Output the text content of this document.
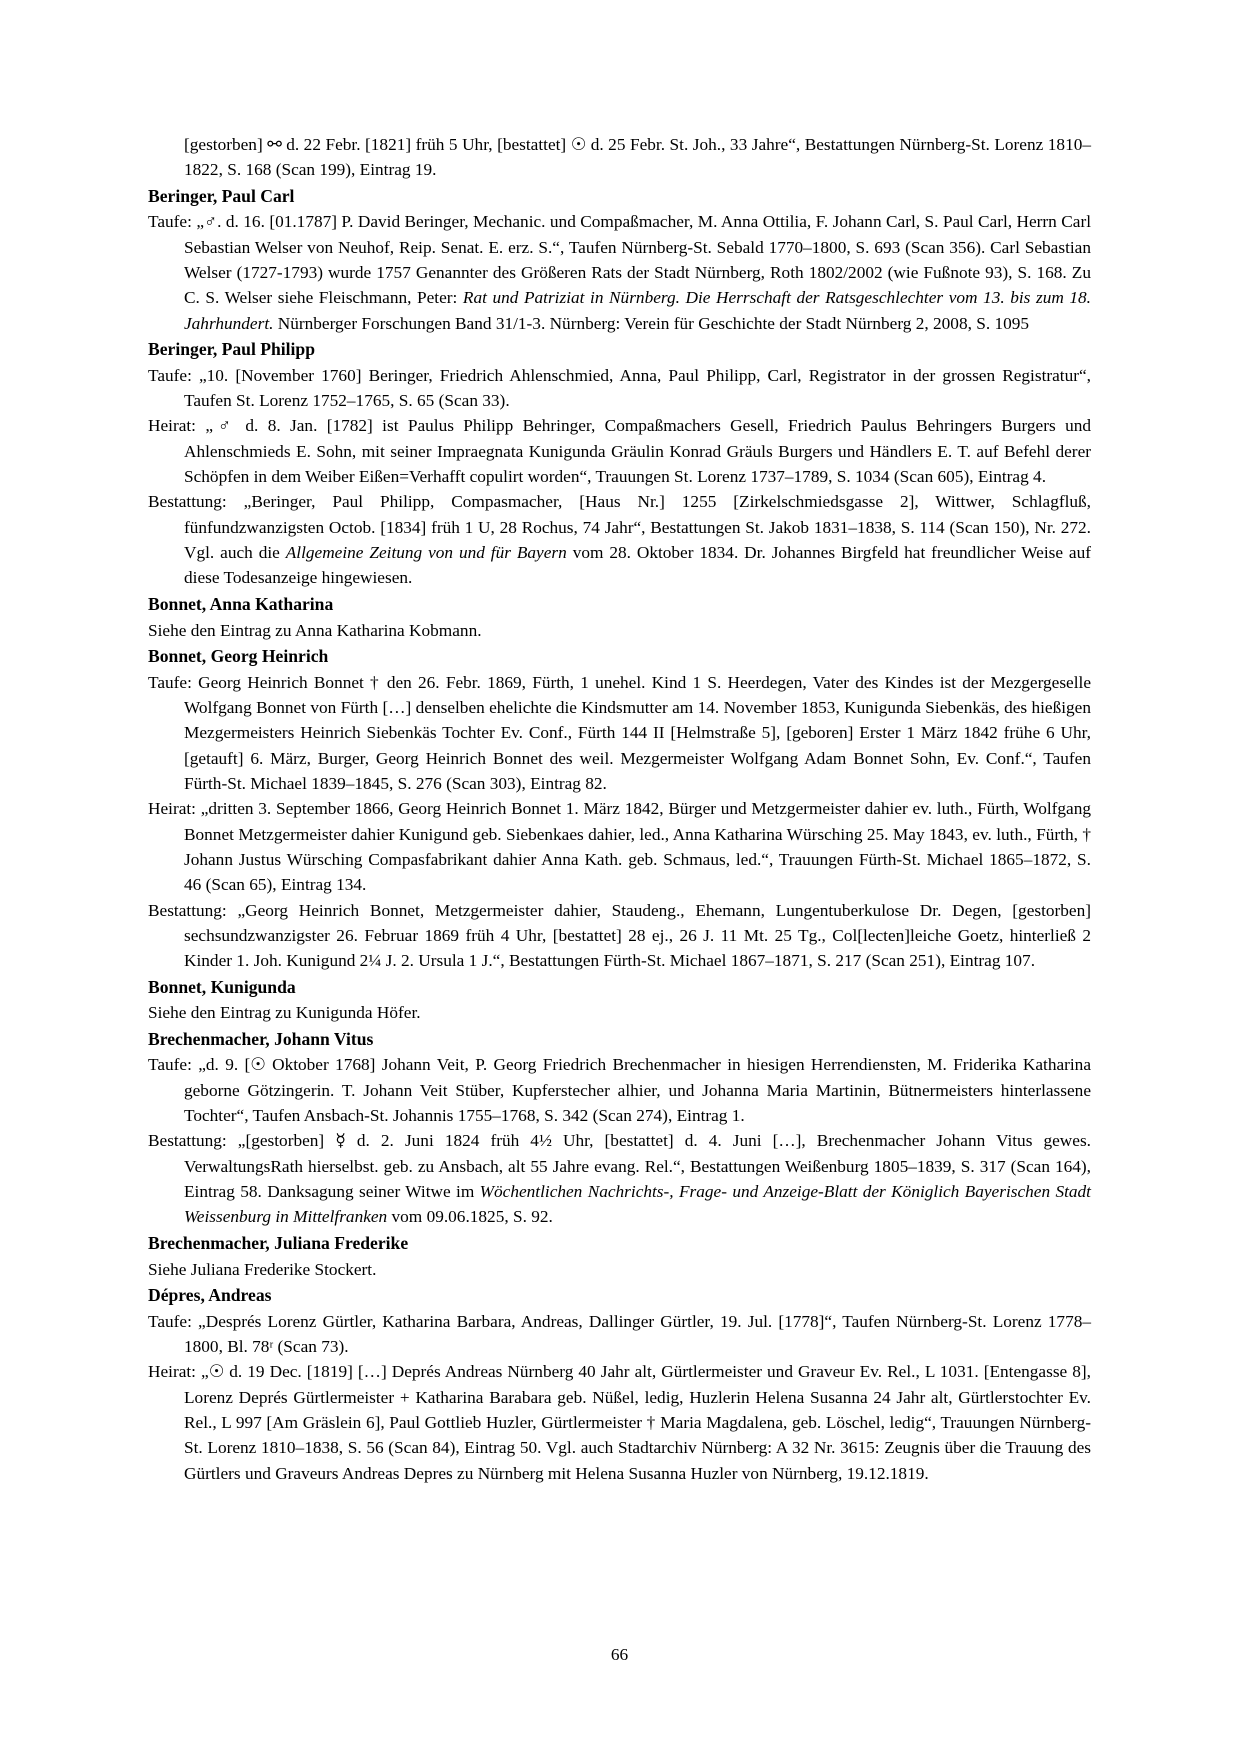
[gestorben] ⚯ d. 22 Febr. [1821] früh 5 Uhr, [bestattet] ☉ d. 25 Febr. St. Joh., 33 Jahre“, Bestattungen Nürnberg-St. Lorenz 1810–1822, S. 168 (Scan 199), Eintrag 19.
Beringer, Paul Carl
Taufe: „♂. d. 16. [01.1787] P. David Beringer, Mechanic. und Compaßmacher, M. Anna Ottilia, F. Johann Carl, S. Paul Carl, Herrn Carl Sebastian Welser von Neuhof, Reip. Senat. E. erz. S.“, Taufen Nürnberg-St. Sebald 1770–1800, S. 693 (Scan 356). Carl Sebastian Welser (1727-1793) wurde 1757 Genannter des Größeren Rats der Stadt Nürnberg, Roth 1802/2002 (wie Fußnote 93), S. 168. Zu C. S. Welser siehe Fleischmann, Peter: Rat und Patriziat in Nürnberg. Die Herrschaft der Ratsgeschlechter vom 13. bis zum 18. Jahrhundert. Nürnberger Forschungen Band 31/1-3. Nürnberg: Verein für Geschichte der Stadt Nürnberg 2, 2008, S. 1095
Beringer, Paul Philipp
Taufe: „10. [November 1760] Beringer, Friedrich Ahlenschmied, Anna, Paul Philipp, Carl, Registrator in der grossen Registratur“, Taufen St. Lorenz 1752–1765, S. 65 (Scan 33).
Heirat: „♂ d. 8. Jan. [1782] ist Paulus Philipp Behringer, Compaßmachers Gesell, Friedrich Paulus Behringers Burgers und Ahlenschmieds E. Sohn, mit seiner Impraegnata Kunigunda Gräulin Konrad Gräuls Burgers und Händlers E. T. auf Befehl derer Schöpfen in dem Weiber Eißen=Verhafft copulirt worden“, Trauungen St. Lorenz 1737–1789, S. 1034 (Scan 605), Eintrag 4.
Bestattung: „Beringer, Paul Philipp, Compasmacher, [Haus Nr.] 1255 [Zirkelschmiedsgasse 2], Wittwer, Schlagfluß, fünfundzwanzigsten Octob. [1834] früh 1 U, 28 Rochus, 74 Jahr“, Bestattungen St. Jakob 1831–1838, S. 114 (Scan 150), Nr. 272. Vgl. auch die Allgemeine Zeitung von und für Bayern vom 28. Oktober 1834. Dr. Johannes Birgfeld hat freundlicher Weise auf diese Todesanzeige hingewiesen.
Bonnet, Anna Katharina
Siehe den Eintrag zu Anna Katharina Kobmann.
Bonnet, Georg Heinrich
Taufe: Georg Heinrich Bonnet † den 26. Febr. 1869, Fürth, 1 unehel. Kind 1 S. Heerdegen, Vater des Kindes ist der Mezgergeselle Wolfgang Bonnet von Fürth […] denselben ehelichte die Kindsmutter am 14. November 1853, Kunigunda Siebenkäs, des hießigen Mezgermeisters Heinrich Siebenkäs Tochter Ev. Conf., Fürth 144 II [Helmstraße 5], [geboren] Erster 1 März 1842 frühe 6 Uhr, [getauft] 6. März, Burger, Georg Heinrich Bonnet des weil. Mezgermeister Wolfgang Adam Bonnet Sohn, Ev. Conf.“, Taufen Fürth-St. Michael 1839–1845, S. 276 (Scan 303), Eintrag 82.
Heirat: „dritten 3. September 1866, Georg Heinrich Bonnet 1. März 1842, Bürger und Metzgermeister dahier ev. luth., Fürth, Wolfgang Bonnet Metzgermeister dahier Kunigund geb. Siebenkaes dahier, led., Anna Katharina Würsching 25. May 1843, ev. luth., Fürth, † Johann Justus Würsching Compasfabrikant dahier Anna Kath. geb. Schmaus, led.“, Trauungen Fürth-St. Michael 1865–1872, S. 46 (Scan 65), Eintrag 134.
Bestattung: „Georg Heinrich Bonnet, Metzgermeister dahier, Staudeng., Ehemann, Lungentuberkulose Dr. Degen, [gestorben] sechsundzwanzigster 26. Februar 1869 früh 4 Uhr, [bestattet] 28 ej., 26 J. 11 Mt. 25 Tg., Col[lecten]leiche Goetz, hinterließ 2 Kinder 1. Joh. Kunigund 2¼ J. 2. Ursula 1 J.“, Bestattungen Fürth-St. Michael 1867–1871, S. 217 (Scan 251), Eintrag 107.
Bonnet, Kunigunda
Siehe den Eintrag zu Kunigunda Höfer.
Brechenmacher, Johann Vitus
Taufe: „d. 9. [☉ Oktober 1768] Johann Veit, P. Georg Friedrich Brechenmacher in hiesigen Herrendiensten, M. Friderika Katharina geborne Götzingerin. T. Johann Veit Stüber, Kupferstecher alhier, und Johanna Maria Martinin, Bütnermeisters hinterlassene Tochter“, Taufen Ansbach-St. Johannis 1755–1768, S. 342 (Scan 274), Eintrag 1.
Bestattung: „[gestorben] ☿ d. 2. Juni 1824 früh 4½ Uhr, [bestattet] d. 4. Juni […], Brechenmacher Johann Vitus gewes. VerwaltungsRath hierselbst. geb. zu Ansbach, alt 55 Jahre evang. Rel.“, Bestattungen Weißenburg 1805–1839, S. 317 (Scan 164), Eintrag 58. Danksagung seiner Witwe im Wöchentlichen Nachrichts-, Frage- und Anzeige-Blatt der Königlich Bayerischen Stadt Weissenburg in Mittelfranken vom 09.06.1825, S. 92.
Brechenmacher, Juliana Frederike
Siehe Juliana Frederike Stockert.
Dépres, Andreas
Taufe: „Després Lorenz Gürtler, Katharina Barbara, Andreas, Dallinger Gürtler, 19. Jul. [1778]“, Taufen Nürnberg-St. Lorenz 1778–1800, Bl. 78ʳ (Scan 73).
Heirat: „☉ d. 19 Dec. [1819] […] Deprés Andreas Nürnberg 40 Jahr alt, Gürtlermeister und Graveur Ev. Rel., L 1031. [Entengasse 8], Lorenz Deprés Gürtlermeister + Katharina Barabara geb. Nüßel, ledig, Huzlerin Helena Susanna 24 Jahr alt, Gürtlerstochter Ev. Rel., L 997 [Am Gräslein 6], Paul Gottlieb Huzler, Gürtlermeister † Maria Magdalena, geb. Löschel, ledig“, Trauungen Nürnberg-St. Lorenz 1810–1838, S. 56 (Scan 84), Eintrag 50. Vgl. auch Stadtarchiv Nürnberg: A 32 Nr. 3615: Zeugnis über die Trauung des Gürtlers und Graveurs Andreas Depres zu Nürnberg mit Helena Susanna Huzler von Nürnberg, 19.12.1819.
66
